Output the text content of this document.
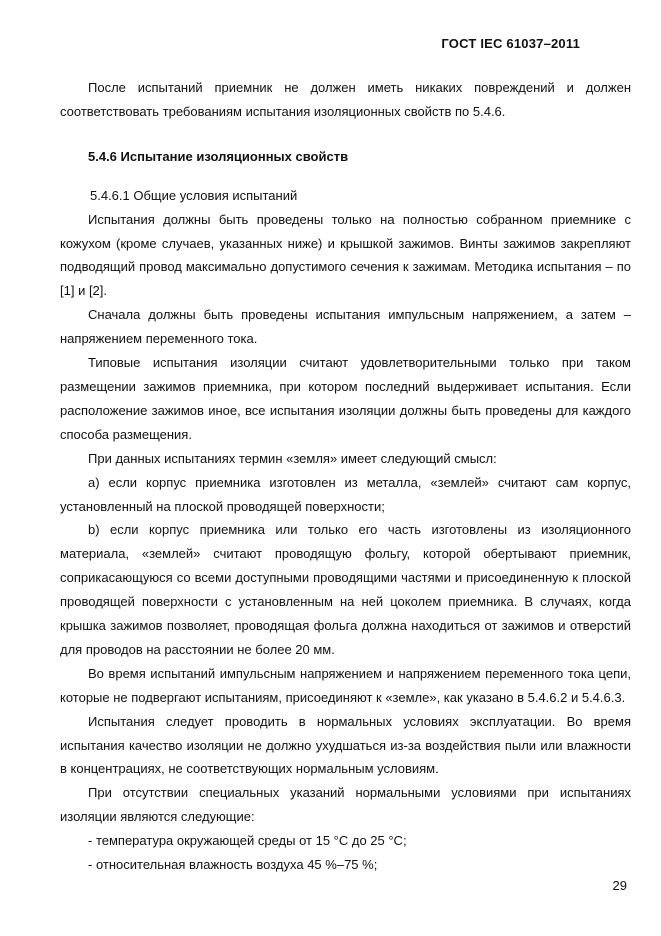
ГОСТ IEC 61037–2011

После испытаний приемник не должен иметь никаких повреждений и должен соответствовать требованиям испытания изоляционных свойств по 5.4.6.

5.4.6 Испытание изоляционных свойств

5.4.6.1 Общие условия испытаний

Испытания должны быть проведены только на полностью собранном приемнике с кожухом (кроме случаев, указанных ниже) и крышкой зажимов. Винты зажимов закрепляют подводящий провод максимально допустимого сечения к зажимам. Методика испытания – по [1] и [2].

Сначала должны быть проведены испытания импульсным напряжением, а затем – напряжением переменного тока.

Типовые испытания изоляции считают удовлетворительными только при таком размещении зажимов приемника, при котором последний выдерживает испытания. Если расположение зажимов иное, все испытания изоляции должны быть проведены для каждого способа размещения.

При данных испытаниях термин «земля» имеет следующий смысл:

a) если корпус приемника изготовлен из металла, «землей» считают сам корпус, установленный на плоской проводящей поверхности;

b) если корпус приемника или только его часть изготовлены из изоляционного материала, «землей» считают проводящую фольгу, которой обертывают приемник, соприкасающуюся со всеми доступными проводящими частями и присоединенную к плоской проводящей поверхности с установленным на ней цоколем приемника. В случаях, когда крышка зажимов позволяет, проводящая фольга должна находиться от зажимов и отверстий для проводов на расстоянии не более 20 мм.

Во время испытаний импульсным напряжением и напряжением переменного тока цепи, которые не подвергают испытаниям, присоединяют к «земле», как указано в 5.4.6.2 и 5.4.6.3.

Испытания следует проводить в нормальных условиях эксплуатации. Во время испытания качество изоляции не должно ухудшаться из-за воздействия пыли или влажности в концентрациях, не соответствующих нормальным условиям.

При отсутствии специальных указаний нормальными условиями при испытаниях изоляции являются следующие:

- температура окружающей среды от 15 °С до 25 °С;

- относительная влажность воздуха 45 %–75 %;

29
